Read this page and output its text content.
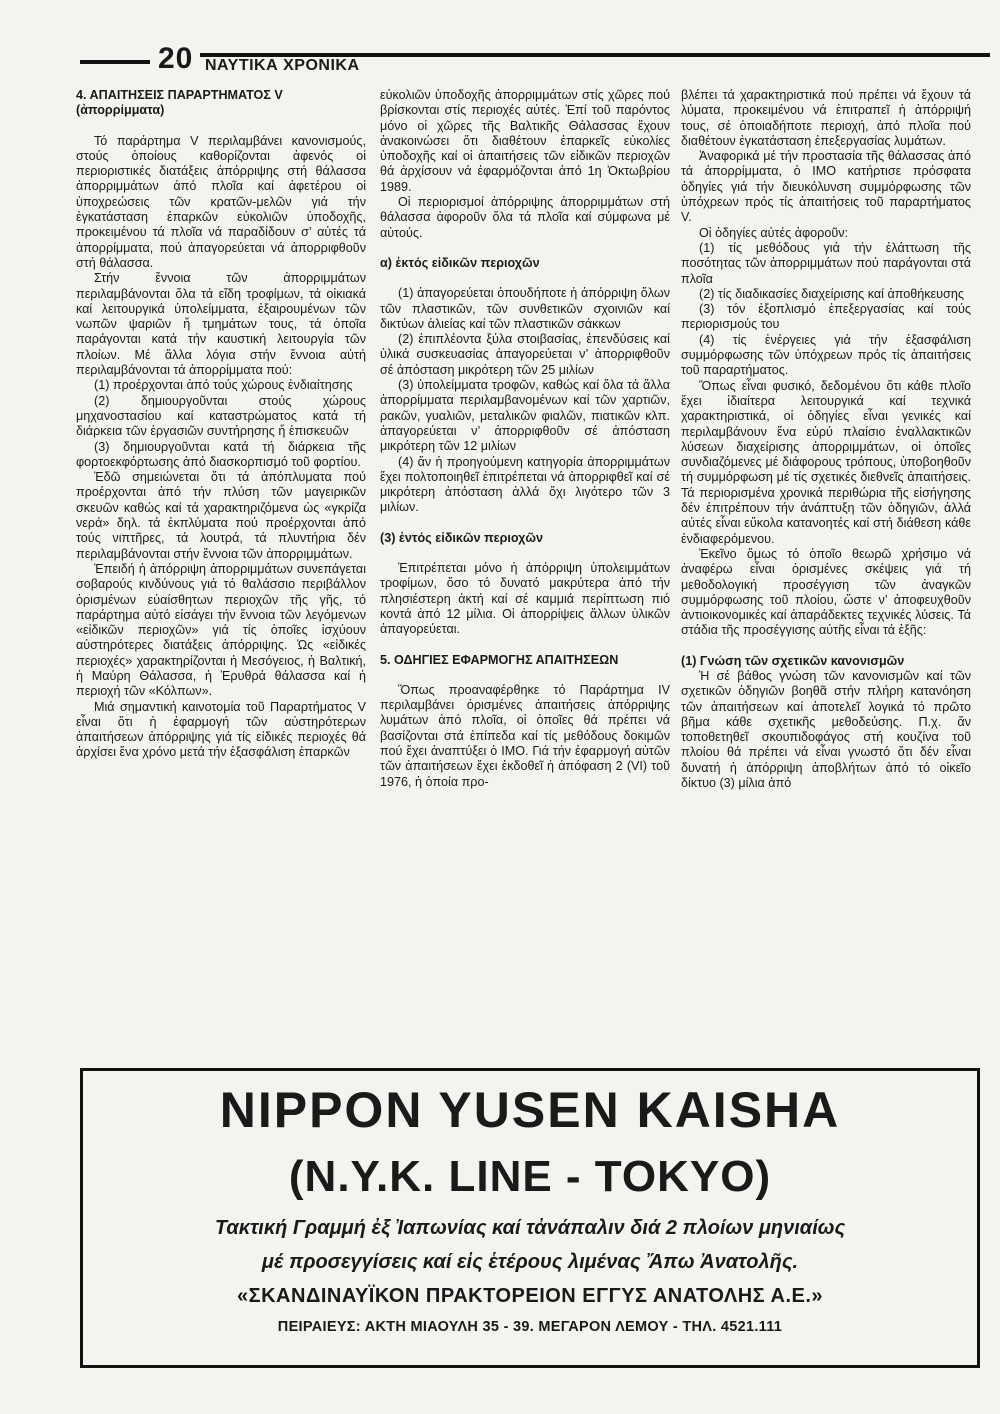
20 ΝΑΥΤΙΚΑ ΧΡΟΝΙΚΑ

4. ΑΠΑΙΤΗΣΕΙΣ ΠΑΡΑΡΤΗΜΑΤΟΣ V (ἀπορρίμματα)

Τό παράρτημα V περιλαμβάνει κανονισμούς, στούς ὁποίους καθορίζονται ἀφενός οἱ περιοριστικές διατάξεις ἀπόρριψης στή θάλασσα ἀπορριμμάτων ἀπό πλοῖα καί ἀφετέρου οἱ ὑποχρεώσεις τῶν κρατῶν-μελῶν γιά τήν ἐγκατάσταση ἐπαρκῶν εὐκολιῶν ὑποδοχῆς, προκειμένου τά πλοῖα νά παραδίδουν σ’ αὐτές τά ἀπορρίμματα, πού ἀπαγορεύεται νά ἀπορριφθοῦν στή θάλασσα.

Στήν ἔννοια τῶν ἀπορριμμάτων περιλαμβάνονται ὅλα τά εἴδη τροφίμων, τά οἰκιακά καί λειτουργικά ὑπολείμματα, ἐξαιρουμένων τῶν νωπῶν ψαριῶν ἤ τμημάτων τους, τά ὁποῖα παράγονται κατά τήν καυστική λειτουργία τῶν πλοίων. Μέ ἄλλα λόγια στήν ἔννοια αὐτή περιλαμβάνονται τά ἀπορρίμματα πού:

(1) προέρχονται ἀπό τούς χώρους ἐνδιαίτησης

(2) δημιουργοῦνται στούς χώρους μηχανοστασίου καί καταστρώματος κατά τή διάρκεια τῶν ἐργασιῶν συντήρησης ἤ ἐπισκευῶν

(3) δημιουργοῦνται κατά τή διάρκεια τῆς φορτοεκφόρτωσης ἀπό διασκορπισμό τοῦ φορτίου.

Ἐδῶ σημειώνεται ὅτι τά ἀπόπλυματα πού προέρχονται ἀπό τήν πλύση τῶν μαγειρικῶν σκευῶν καθώς καί τά χαρακτηριζόμενα ὡς «γκρίζα νερά» δηλ. τά ἐκπλύματα πού προέρχονται ἀπό τούς νιπτῆρες, τά λουτρά, τά πλυντήρια δέν περιλαμβάνονται στήν ἔννοια τῶν ἀπορριμμάτων.

Ἐπειδή ἡ ἀπόρριψη ἀπορριμμάτων συνεπάγεται σοβαρούς κινδύνους γιά τό θαλάσσιο περιβάλλον ὁρισμένων εὐαίσθητων περιοχῶν τῆς γῆς, τό παράρτημα αὐτό εἰσάγει τήν ἔννοια τῶν λεγόμενων «εἰδικῶν περιοχῶν» γιά τίς ὁποῖες ἰσχύουν αὐστηρότερες διατάξεις ἀπόρριψης. Ὡς «εἰδικές περιοχές» χαρακτηρίζονται ἡ Μεσόγειος, ἡ Βαλτική, ἡ Μαύρη Θάλασσα, ἡ Ἐρυθρά θάλασσα καί ἡ περιοχή τῶν «Κόλπων».

Μιά σημαντική καινοτομία τοῦ Παραρτήματος V εἶναι ὅτι ἡ ἐφαρμογή τῶν αὐστηρότερων ἀπαιτήσεων ἀπόρριψης γιά τίς εἰδικές περιοχές θά ἀρχίσει ἕνα χρόνο μετά τήν ἐξασφάλιση ἐπαρκῶν

εὐκολιῶν ὑποδοχῆς ἀπορριμμάτων στίς χῶρες πού βρίσκονται στίς περιοχές αὐτές. Ἐπί τοῦ παρόντος μόνο οἱ χῶρες τῆς Βαλτικῆς Θάλασσας ἔχουν ἀνακοινώσει ὅτι διαθέτουν ἐπαρκεῖς εὐκολίες ὑποδοχῆς καί οἱ ἀπαιτήσεις τῶν εἰδικῶν περιοχῶν θά ἀρχίσουν νά ἐφαρμόζονται ἀπό 1η Ὀκτωβρίου 1989.

Οἱ περιορισμοί ἀπόρριψης ἀπορριμμάτων στή θάλασσα ἀφοροῦν ὅλα τά πλοῖα καί σύμφωνα μέ αὐτούς.

α) ἐκτός εἰδικῶν περιοχῶν

(1) ἀπαγορεύεται ὁπουδήποτε ἡ ἀπόρριψη ὅλων τῶν πλαστικῶν, τῶν συνθετικῶν σχοινιῶν καί δικτύων ἁλιείας καί τῶν πλαστικῶν σάκκων

(2) ἐπιπλέοντα ξύλα στοιβασίας, ἐπενδύσεις καί ὑλικά συσκευασίας ἀπαγορεύεται ν’ ἀπορριφθοῦν σέ ἀπόσταση μικρότερη τῶν 25 μιλίων

(3) ὑπολείμματα τροφῶν, καθώς καί ὅλα τά ἄλλα ἀπορρίμματα περιλαμβανομένων καί τῶν χαρτιῶν, ρακῶν, γυαλιῶν, μεταλικῶν φιαλῶν, πιατικῶν κλπ. ἀπαγορεύεται ν’ ἀπορριφθοῦν σέ ἀπόσταση μικρότερη τῶν 12 μιλίων

(4) ἄν ἡ προηγούμενη κατηγορία ἀπορριμμάτων ἔχει πολτοποιηθεῖ ἐπιτρέπεται νά ἀπορριφθεῖ καί σέ μικρότερη ἀπόσταση ἀλλά ὄχι λιγότερο τῶν 3 μιλίων.

(3) ἐντός εἰδικῶν περιοχῶν

Ἐπιτρέπεται μόνο ἡ ἀπόρριψη ὑπολειμμάτων τροφίμων, ὅσο τό δυνατό μακρύτερα ἀπό τήν πλησιέστερη ἀκτή καί σέ καμμιά περίπτωση πιό κοντά ἀπό 12 μίλια. Οἱ ἀπορρίψεις ἄλλων ὑλικῶν ἀπαγορεύεται.

5. ΟΔΗΓΙΕΣ ΕΦΑΡΜΟΓΗΣ ΑΠΑΙΤΗΣΕΩΝ

Ὅπως προαναφέρθηκε τό Παράρτημα IV περιλαμβάνει ὁρισμένες ἀπαιτήσεις ἀπόρριψης λυμάτων ἀπό πλοῖα, οἱ ὁποῖες θά πρέπει νά βασίζονται στά ἐπίπεδα καί τίς μεθόδους δοκιμῶν πού ἔχει ἀναπτύξει ὁ ΙΜΟ. Γιά τήν ἐφαρμογή αὐτῶν τῶν ἀπαιτήσεων ἔχει ἐκδοθεῖ ἡ ἀπόφαση 2 (VI) τοῦ 1976, ἡ ὁποία προ-

βλέπει τά χαρακτηριστικά πού πρέπει νά ἔχουν τά λύματα, προκειμένου νά ἐπιτραπεῖ ἡ ἀπόρριψή τους, σέ ὁποιαδήποτε περιοχή, ἀπό πλοῖα πού διαθέτουν ἐγκατάσταση ἐπεξεργασίας λυμάτων.

Ἀναφορικά μέ τήν προστασία τῆς θάλασσας ἀπό τά ἀπορρίμματα, ὁ ΙΜΟ κατήρτισε πρόσφατα ὁδηγίες γιά τήν διευκόλυνση συμμόρφωσης τῶν ὑπόχρεων πρός τίς ἀπαιτήσεις τοῦ παραρτήματος V.

Οἱ ὁδηγίες αὐτές ἀφοροῦν:

(1) τίς μεθόδους γιά τήν ἐλάττωση τῆς ποσότητας τῶν ἀπορριμμάτων πού παράγονται στά πλοῖα

(2) τίς διαδικασίες διαχείρισης καί ἀποθήκευσης

(3) τόν ἐξοπλισμό ἐπεξεργασίας καί τούς περιορισμούς του

(4) τίς ἐνέργειες γιά τήν ἐξασφάλιση συμμόρφωσης τῶν ὑπόχρεων πρός τίς ἀπαιτήσεις τοῦ παραρτήματος.

Ὅπως εἶναι φυσικό, δεδομένου ὅτι κάθε πλοῖο ἔχει ἰδιαίτερα λειτουργικά καί τεχνικά χαρακτηριστικά, οἱ ὁδηγίες εἶναι γενικές καί περιλαμβάνουν ἕνα εὐρύ πλαίσιο ἐναλλακτικῶν λύσεων διαχείρισης ἀπορριμμάτων, οἱ ὁποῖες συνδιαζόμενες μέ διάφορους τρόπους, ὑποβοηθοῦν τή συμμόρφωση μέ τίς σχετικές διεθνεῖς ἀπαιτήσεις. Τά περιορισμένα χρονικά περιθώρια τῆς εἰσήγησης δέν ἐπιτρέπουν τήν ἀνάπτυξη τῶν ὁδηγιῶν, ἀλλά αὐτές εἶναι εὔκολα κατανοητές καί στή διάθεση κάθε ἐνδιαφερόμενου.

Ἐκεῖνο ὅμως τό ὁποῖο θεωρῶ χρήσιμο νά ἀναφέρω εἶναι ὁρισμένες σκέψεις γιά τή μεθοδολογική προσέγγιση τῶν ἀναγκῶν συμμόρφωσης τοῦ πλοίου, ὥστε ν’ ἀποφευχθοῦν ἀντιοικονομικές καί ἀπαράδεκτες τεχνικές λύσεις. Τά στάδια τῆς προσέγγισης αὐτῆς εἶναι τά ἑξῆς:

(1) Γνώση τῶν σχετικῶν κανονισμῶν

Ἡ σέ βάθος γνώση τῶν κανονισμῶν καί τῶν σχετικῶν ὁδηγιῶν βοηθᾶ στήν πλήρη κατανόηση τῶν ἀπαιτήσεων καί ἀποτελεῖ λογικά τό πρῶτο βῆμα κάθε σχετικῆς μεθοδεύσης. Π.χ. ἄν τοποθετηθεῖ σκουπιδοφάγος στή κουζίνα τοῦ πλοίου θά πρέπει νά εἶναι γνωστό ὅτι δέν εἶναι δυνατή ἡ ἀπόρριψη ἀποβλήτων ἀπό τό οἰκεῖο δίκτυο (3) μίλια ἀπό

NIPPON YUSEN KAISHA
(N.Y.K. LINE - TOKYO)
Τακτική Γραμμή ἐξ Ἰαπωνίας καί τἀνάπαλιν διά 2 πλοίων μηνιαίως
μέ προσεγγίσεις καί εἰς ἑτέρους λιμένας Ἄπω Ἀνατολῆς.
«ΣΚΑΝΔΙΝΑΥΪΚΟΝ ΠΡΑΚΤΟΡΕΙΟΝ ΕΓΓΥΣ ΑΝΑΤΟΛΗΣ Α.Ε.»
ΠΕΙΡΑΙΕΥΣ: ΑΚΤΗ ΜΙΑΟΥΛΗ 35 - 39. ΜΕΓΑΡΟΝ ΛΕΜΟΥ - ΤΗΛ. 4521.111
